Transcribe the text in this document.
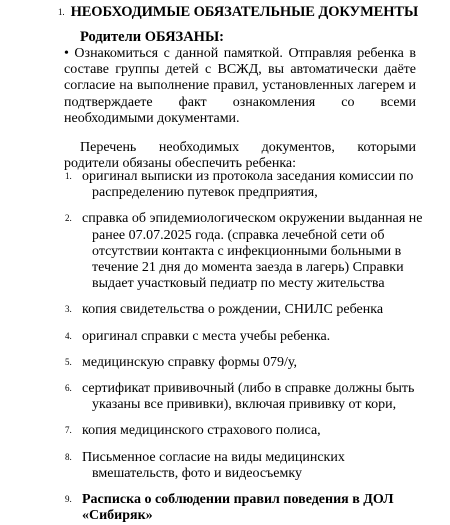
1. НЕОБХОДИМЫЕ ОБЯЗАТЕЛЬНЫЕ ДОКУМЕНТЫ
Родители ОБЯЗАНЫ:
• Ознакомиться с данной памяткой. Отправляя ребенка в составе группы детей с ВСЖД, вы автоматически даёте согласие на выполнение правил, установленных лагерем и подтверждаете факт ознакомления со всеми необходимыми документами.
Перечень необходимых документов, которыми родители обязаны обеспечить ребенка:
1. оригинал выписки из протокола заседания комиссии по
распределению путевок предприятия,
2. справка об эпидемиологическом окружении выданная не
ранее 07.07.2025 года. (справка лечебной сети об
отсутствии контакта с инфекционными больными в
течение 21 дня до момента заезда в лагерь) Справки
выдает участковый педиатр по месту жительства
3. копия свидетельства о рождении, СНИЛС ребенка
4. оригинал справки с места учебы ребенка.
5. медицинскую справку формы 079/у,
6. сертификат прививочный (либо в справке должны быть
указаны все прививки), включая прививку от кори,
7. копия медицинского страхового полиса,
8. Письменное согласие на виды медицинских
вмешательств, фото и видеосъемку
9. Расписка о соблюдении правил поведения в ДОЛ
«Сибиряк»
